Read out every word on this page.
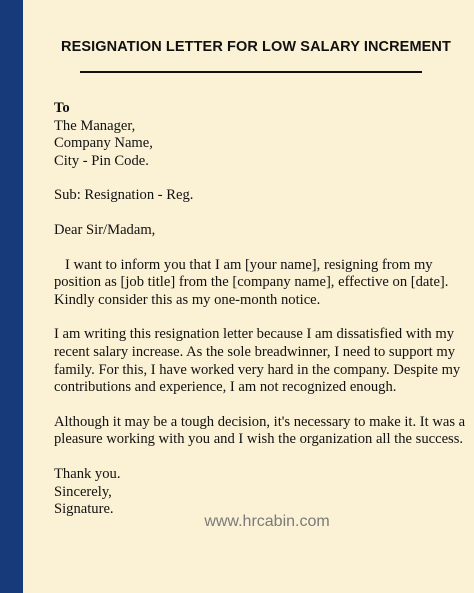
RESIGNATION LETTER FOR LOW SALARY INCREMENT
To
The Manager,
Company Name,
City - Pin Code.
Sub: Resignation - Reg.
Dear Sir/Madam,
I want to inform you that I am [your name], resigning from my
position as [job title] from the [company name], effective on [date].
Kindly consider this as my one-month notice.
I am writing this resignation letter because I am dissatisfied with my
recent salary increase. As the sole breadwinner, I need to support my
family. For this, I have worked very hard in the company. Despite my
contributions and experience, I am not recognized enough.
Although it may be a tough decision, it's necessary to make it. It was a
pleasure working with you and I wish the organization all the success.
Thank you.
Sincerely,
Signature.
www.hrcabin.com
